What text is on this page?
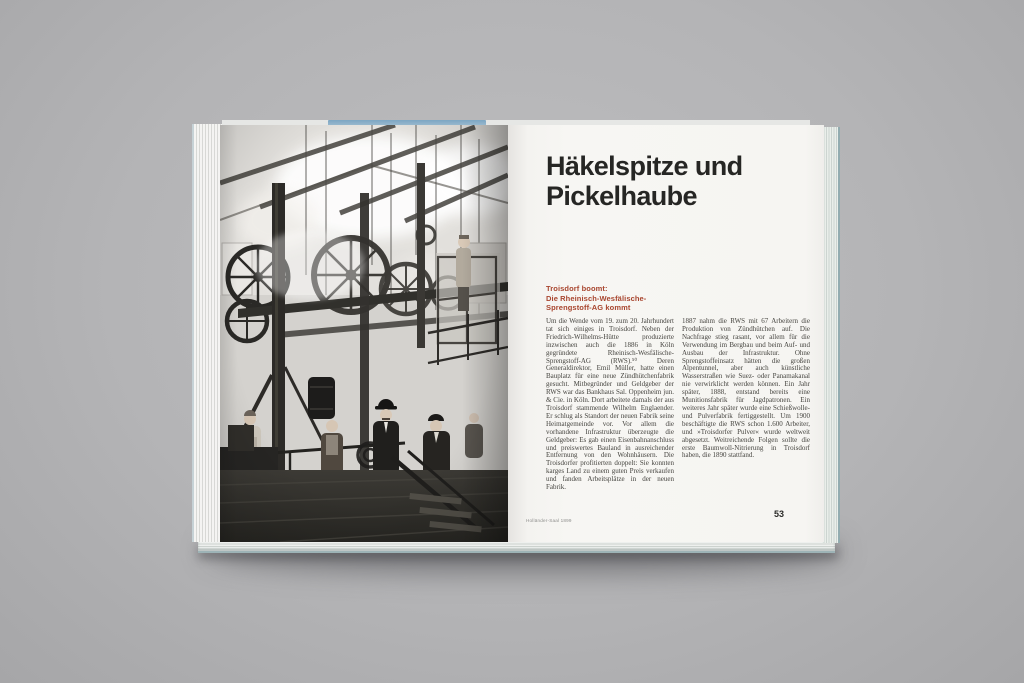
Häkelspitze und
Pickelhaube
Troisdorf boomt:
Die Rheinisch-Wesfälische-
Sprengstoff-AG kommt
Um die Wende vom 19. zum 20. Jahrhundert tat sich einiges in Troisdorf. Neben der Friedrich-Wilhelms-Hütte produzierte inzwischen auch die 1886 in Köln gegründete Rheinisch-Wesfälische-Sprengstoff-AG (RWS).⁵⁰ Deren Generaldirektor, Emil Müller, hatte einen Bauplatz für eine neue Zündhütchenfabrik gesucht. Mitbegründer und Geldgeber der RWS war das Bankhaus Sal. Oppenheim jun. & Cie. in Köln. Dort arbeitete damals der aus Troisdorf stammende Wilhelm Englaender. Er schlug als Standort der neuen Fabrik seine Heimatgemeinde vor. Vor allem die vorhandene Infrastruktur überzeugte die Geldgeber: Es gab einen Eisenbahnanschluss und preiswertes Bauland in ausreichender Entfernung von den Wohnhäusern. Die Troisdorfer profitierten doppelt: Sie konnten karges Land zu einem guten Preis verkaufen und fanden Arbeitsplätze in der neuen Fabrik.
1887 nahm die RWS mit 67 Arbeitern die Produktion von Zündhütchen auf. Die Nachfrage stieg rasant, vor allem für die Verwendung im Bergbau und beim Auf- und Ausbau der Infrastruktur. Ohne Sprengstoffeinsatz hätten die großen Alpentunnel, aber auch künstliche Wasserstraßen wie Suez- oder Panamakanal nie verwirklicht werden können. Ein Jahr später, 1888, entstand bereits eine Munitionsfabrik für Jagdpatronen. Ein weiteres Jahr später wurde eine Schießwolle- und Pulverfabrik fertiggestellt. Um 1900 beschäftigte die RWS schon 1.600 Arbeiter, und »Troisdorfer Pulver« wurde weltweit abgesetzt. Weitreichende Folgen sollte die erste Baumwoll-Nitrierung in Troisdorf haben, die 1890 stattfand.
Holländer-Saal 1899
53
